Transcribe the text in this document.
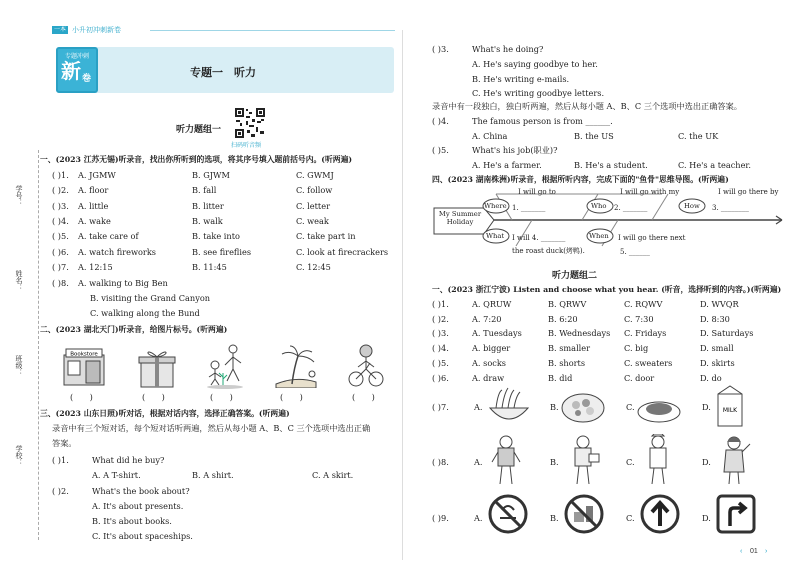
一本 小升初冲刺新卷
专题冲刺
新 卷	专题一　听力
学号：
姓名：
班级：
学校：
听力题组一
扫码听音频
一、(2023 江苏无锡)听录音，找出你所听到的选项，将其序号填入题前括号内。(听两遍)
( )1. A. JGMW	B. GJWM	C. GWMJ
( )2. A. floor	B. fall	C. follow
( )3. A. little	B. litter	C. letter
( )4. A. wake	B. walk	C. weak
( )5. A. take care of	B. take into	C. take part in
( )6. A. watch fireworks	B. see fireflies	C. look at firecrackers
( )7. A. 12:15	B. 11:45	C. 12:45
( )8. A. walking to Big Ben
B. visiting the Grand Canyon
C. walking along the Bund
二、(2023 湖北天门)听录音，给图片标号。(听两遍)
Bookstore
(　　)	(　　)	(　　)	(　　)	(　　)
三、(2023 山东日照)听对话，根据对话内容，选择正确答案。(听两遍)
录音中有三个短对话，每个短对话听两遍，然后从每小题 A、B、C 三个选项中选出正确
答案。
( )1.	What did he buy?
A. A T-shirt.	B. A shirt.	C. A skirt.
( )2.	What's the book about?
A. It's about presents.
B. It's about books.
C. It's about spaceships.
( )3.	What's he doing?
A. He's saying goodbye to her.
B. He's writing e-mails.
C. He's writing goodbye letters.
录音中有一段独白，独白听两遍，然后从每小题 A、B、C 三个选项中选出正确答案。
( )4.	The famous person is from ______.
A. China	B. the US	C. the UK
( )5.	What's his job(职业)?
A. He's a farmer.	B. He's a student.	C. He's a teacher.
四、(2023 湖南株洲)听录音，根据所听内容，完成下面的"鱼骨"思维导图。(听两遍)
My Summer Holiday
Where
What
Who
When
How
I will go to
1. _______
I will go with my
2. _______
I will go there by
3. ________
I will 4. _______
the roast duck(烤鸭).
I will go there next
5. ______
听力题组二
一、(2023 浙江宁波) Listen and choose what you hear. (听音，选择听到的内容。)(听两遍)
( )1.	A. QRUW	B. QRWV	C. RQWV	D. WVQR
( )2.	A. 7:20	B. 6:20	C. 7:30	D. 8:30
( )3.	A. Tuesdays	B. Wednesdays C. Fridays	D. Saturdays
( )4.	A. bigger	B. smaller	C. big	D. small
( )5.	A. socks	B. shorts	C. sweaters	D. skirts
( )6.	A. draw	B. did	C. door	D. do
( )7.	A.	B.	C.	D.
( )8.	A.	B.	C.	D.
( )9.	A.	B.	C.	D.
MILK
‹ 01 ›
